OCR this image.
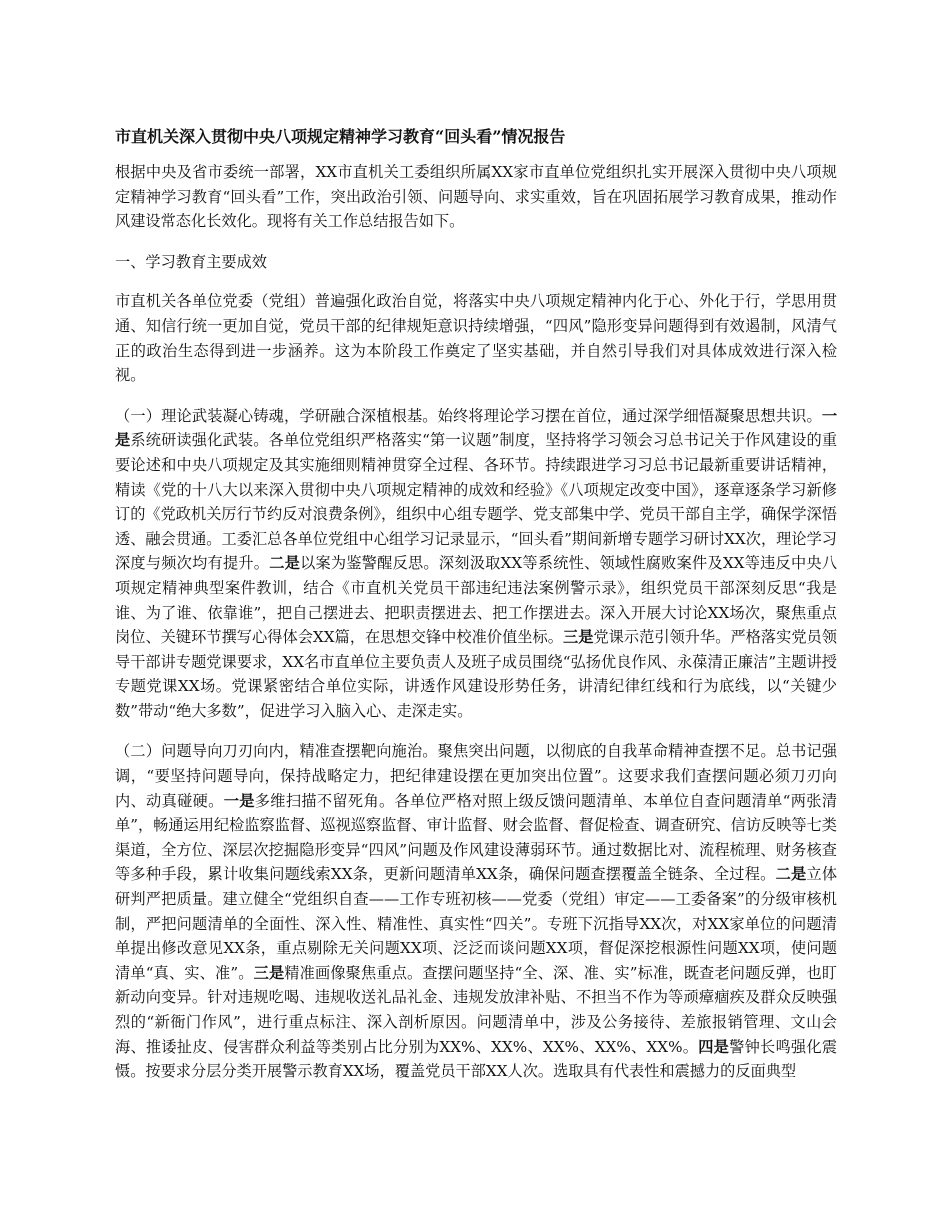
市直机关深入贯彻中央八项规定精神学习教育“回头看”情况报告

根据中央及省市委统一部署，XX市直机关工委组织所属XX家市直单位党组织扎实开展深入贯彻中央八项规定精神学习教育“回头看”工作，突出政治引领、问题导向、求实重效，旨在巩固拓展学习教育成果，推动作风建设常态化长效化。现将有关工作总结报告如下。

一、学习教育主要成效

市直机关各单位党委（党组）普遍强化政治自觉，将落实中央八项规定精神内化于心、外化于行，学思用贯通、知信行统一更加自觉，党员干部的纪律规矩意识持续增强，“四风”隐形变异问题得到有效遏制，风清气正的政治生态得到进一步涵养。这为本阶段工作奠定了坚实基础，并自然引导我们对具体成效进行深入检视。

（一）理论武装凝心铸魂，学研融合深植根基。始终将理论学习摆在首位，通过深学细悟凝聚思想共识。一是系统研读强化武装。各单位党组织严格落实“第一议题”制度，坚持将学习领会习总书记关于作风建设的重要论述和中央八项规定及其实施细则精神贯穿全过程、各环节。持续跟进学习习总书记最新重要讲话精神，精读《党的十八大以来深入贯彻中央八项规定精神的成效和经验》《八项规定改变中国》，逐章逐条学习新修订的《党政机关厉行节约反对浪费条例》，组织中心组专题学、党支部集中学、党员干部自主学，确保学深悟透、融会贯通。工委汇总各单位党组中心组学习记录显示，“回头看”期间新增专题学习研讨XX次，理论学习深度与频次均有提升。二是以案为鉴警醒反思。深刻汲取XX等系统性、领域性腐败案件及XX等违反中央八项规定精神典型案件教训，结合《市直机关党员干部违纪违法案例警示录》，组织党员干部深刻反思“我是谁、为了谁、依靠谁”，把自己摆进去、把职责摆进去、把工作摆进去。深入开展大讨论XX场次，聚焦重点岗位、关键环节撰写心得体会XX篇，在思想交锋中校准价值坐标。三是党课示范引领升华。严格落实党员领导干部讲专题党课要求，XX名市直单位主要负责人及班子成员围绕“弘扬优良作风、永葆清正廉洁”主题讲授专题党课XX场。党课紧密结合单位实际，讲透作风建设形势任务，讲清纪律红线和行为底线，以“关键少数”带动“绝大多数”，促进学习入脑入心、走深走实。

（二）问题导向刀刃向内，精准查摆靶向施治。聚焦突出问题，以彻底的自我革命精神查摆不足。总书记强调，“要坚持问题导向，保持战略定力，把纪律建设摆在更加突出位置”。这要求我们查摆问题必须刀刃向内、动真碰硬。一是多维扫描不留死角。各单位严格对照上级反馈问题清单、本单位自查问题清单“两张清单”，畅通运用纪检监察监督、巡视巡察监督、审计监督、财会监督、督促检查、调查研究、信访反映等七类渠道，全方位、深层次挖掘隐形变异“四风”问题及作风建设薄弱环节。通过数据比对、流程梳理、财务核查等多种手段，累计收集问题线索XX条，更新问题清单XX条，确保问题查摆覆盖全链条、全过程。二是立体研判严把质量。建立健全“党组织自查——工作专班初核——党委（党组）审定——工委备案”的分级审核机制，严把问题清单的全面性、深入性、精准性、真实性“四关”。专班下沉指导XX次，对XX家单位的问题清单提出修改意见XX条，重点剔除无关问题XX项、泛泛而谈问题XX项，督促深挖根源性问题XX项，使问题清单“真、实、准”。三是精准画像聚焦重点。查摆问题坚持“全、深、准、实”标准，既查老问题反弹，也盯新动向变异。针对违规吃喝、违规收送礼品礼金、违规发放津补贴、不担当不作为等顽瘴痼疾及群众反映强烈的“新衙门作风”，进行重点标注、深入剖析原因。问题清单中，涉及公务接待、差旅报销管理、文山会海、推诿扯皮、侵害群众利益等类别占比分别为XX%、XX%、XX%、XX%、XX%。四是警钟长鸣强化震慑。按要求分层分类开展警示教育XX场，覆盖党员干部XX人次。选取具有代表性和震撼力的反面典型
